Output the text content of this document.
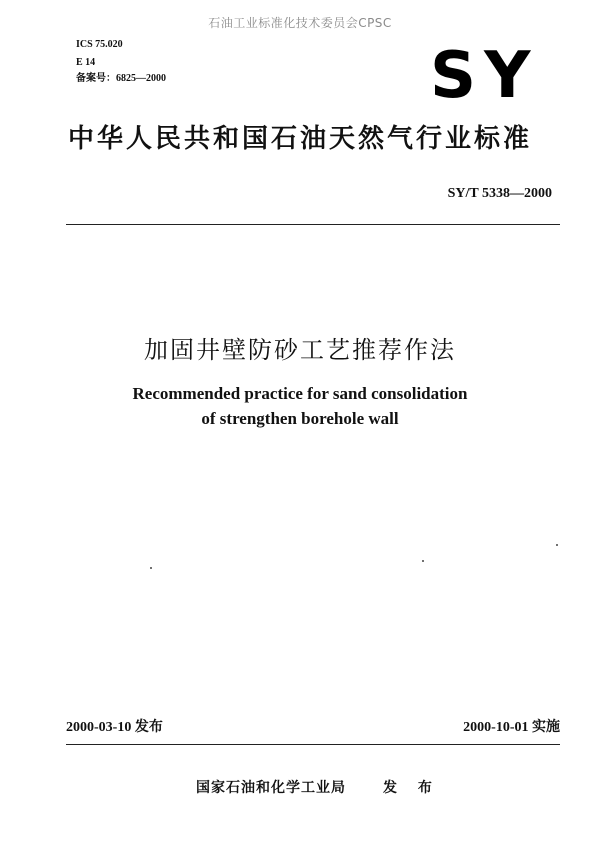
石油工业标准化技术委员会CPSC
ICS 75.020
E 14
备案号：6825—2000	SY
中华人民共和国石油天然气行业标准
SY/T 5338—2000
加固井壁防砂工艺推荐作法
Recommended practice for sand consolidation
of strengthen borehole wall
2000-03-10 发布	2000-10-01 实施
国家石油和化学工业局	发 布
